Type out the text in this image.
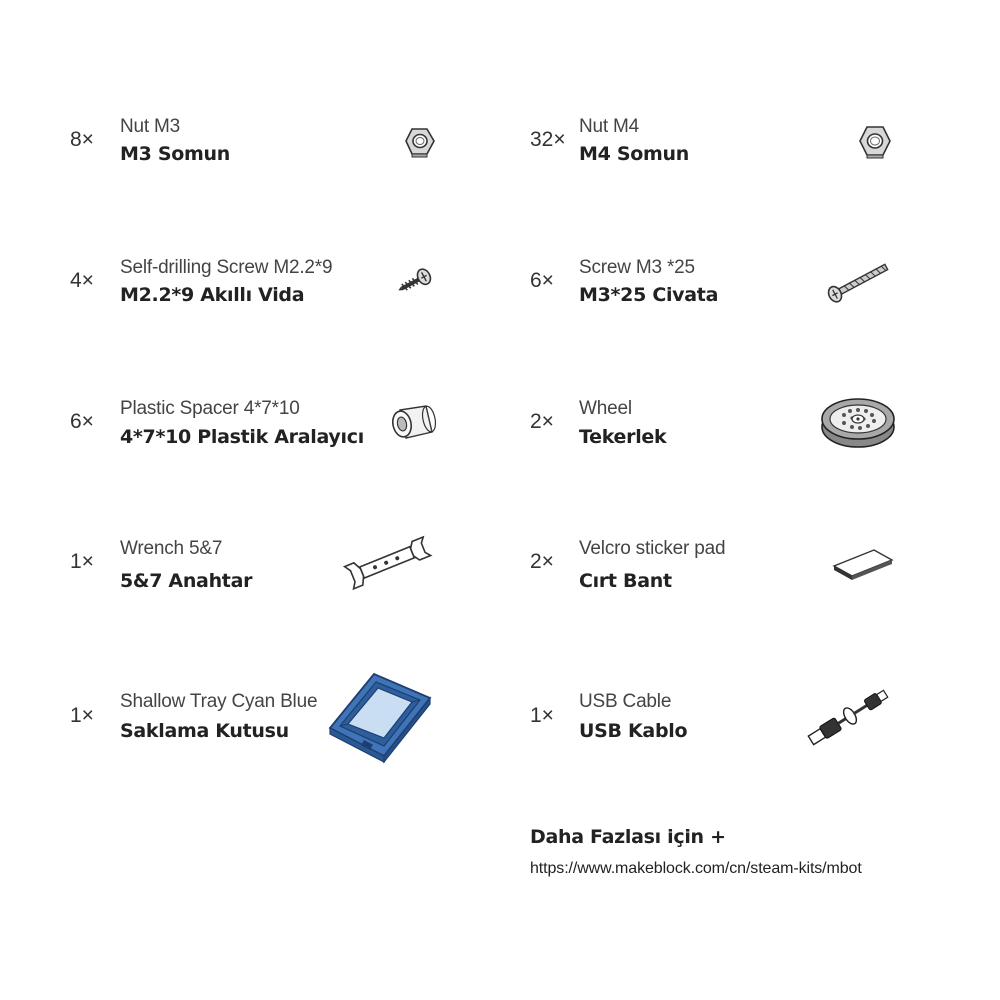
8×
Nut M3
M3 Somun
32×
Nut M4
M4 Somun
4×
Self-drilling Screw M2.2*9
M2.2*9 Akıllı Vida
6×
Screw M3 *25
M3*25 Civata
6×
Plastic Spacer 4*7*10
4*7*10 Plastik Aralayıcı
2×
Wheel
Tekerlek
1×
Wrench 5&7
5&7 Anahtar
2×
Velcro sticker pad
Cırt Bant
1×
Shallow Tray Cyan Blue
Saklama Kutusu
1×
USB Cable
USB Kablo
Daha Fazlası için +
https://www.makeblock.com/cn/steam-kits/mbot
